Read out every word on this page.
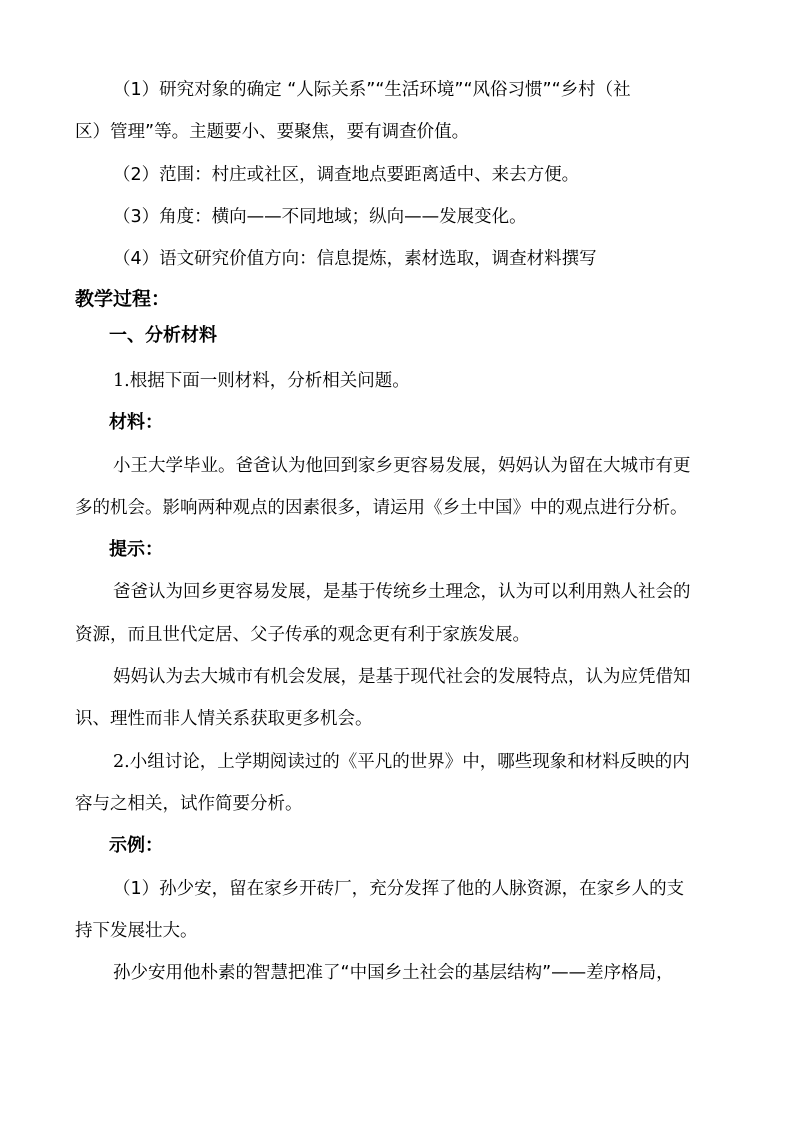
（1）研究对象的确定 “人际关系”“生活环境”“风俗习惯”“乡村（社
区）管理”等。主题要小、要聚焦，要有调查价值。
（2）范围：村庄或社区，调查地点要距离适中、来去方便。
（3）角度：横向——不同地域；纵向——发展变化。
（4）语文研究价值方向：信息提炼，素材选取，调查材料撰写
教学过程：
一、分析材料
1.根据下面一则材料，分析相关问题。
材料：
小王大学毕业。爸爸认为他回到家乡更容易发展，妈妈认为留在大城市有更
多的机会。影响两种观点的因素很多，请运用《乡土中国》中的观点进行分析。
提示：
爸爸认为回乡更容易发展，是基于传统乡土理念，认为可以利用熟人社会的
资源，而且世代定居、父子传承的观念更有利于家族发展。
妈妈认为去大城市有机会发展，是基于现代社会的发展特点，认为应凭借知
识、理性而非人情关系获取更多机会。
2.小组讨论，上学期阅读过的《平凡的世界》中，哪些现象和材料反映的内
容与之相关，试作简要分析。
示例：
（1）孙少安，留在家乡开砖厂，充分发挥了他的人脉资源，在家乡人的支
持下发展壮大。
孙少安用他朴素的智慧把准了“中国乡土社会的基层结构”——差序格局，
